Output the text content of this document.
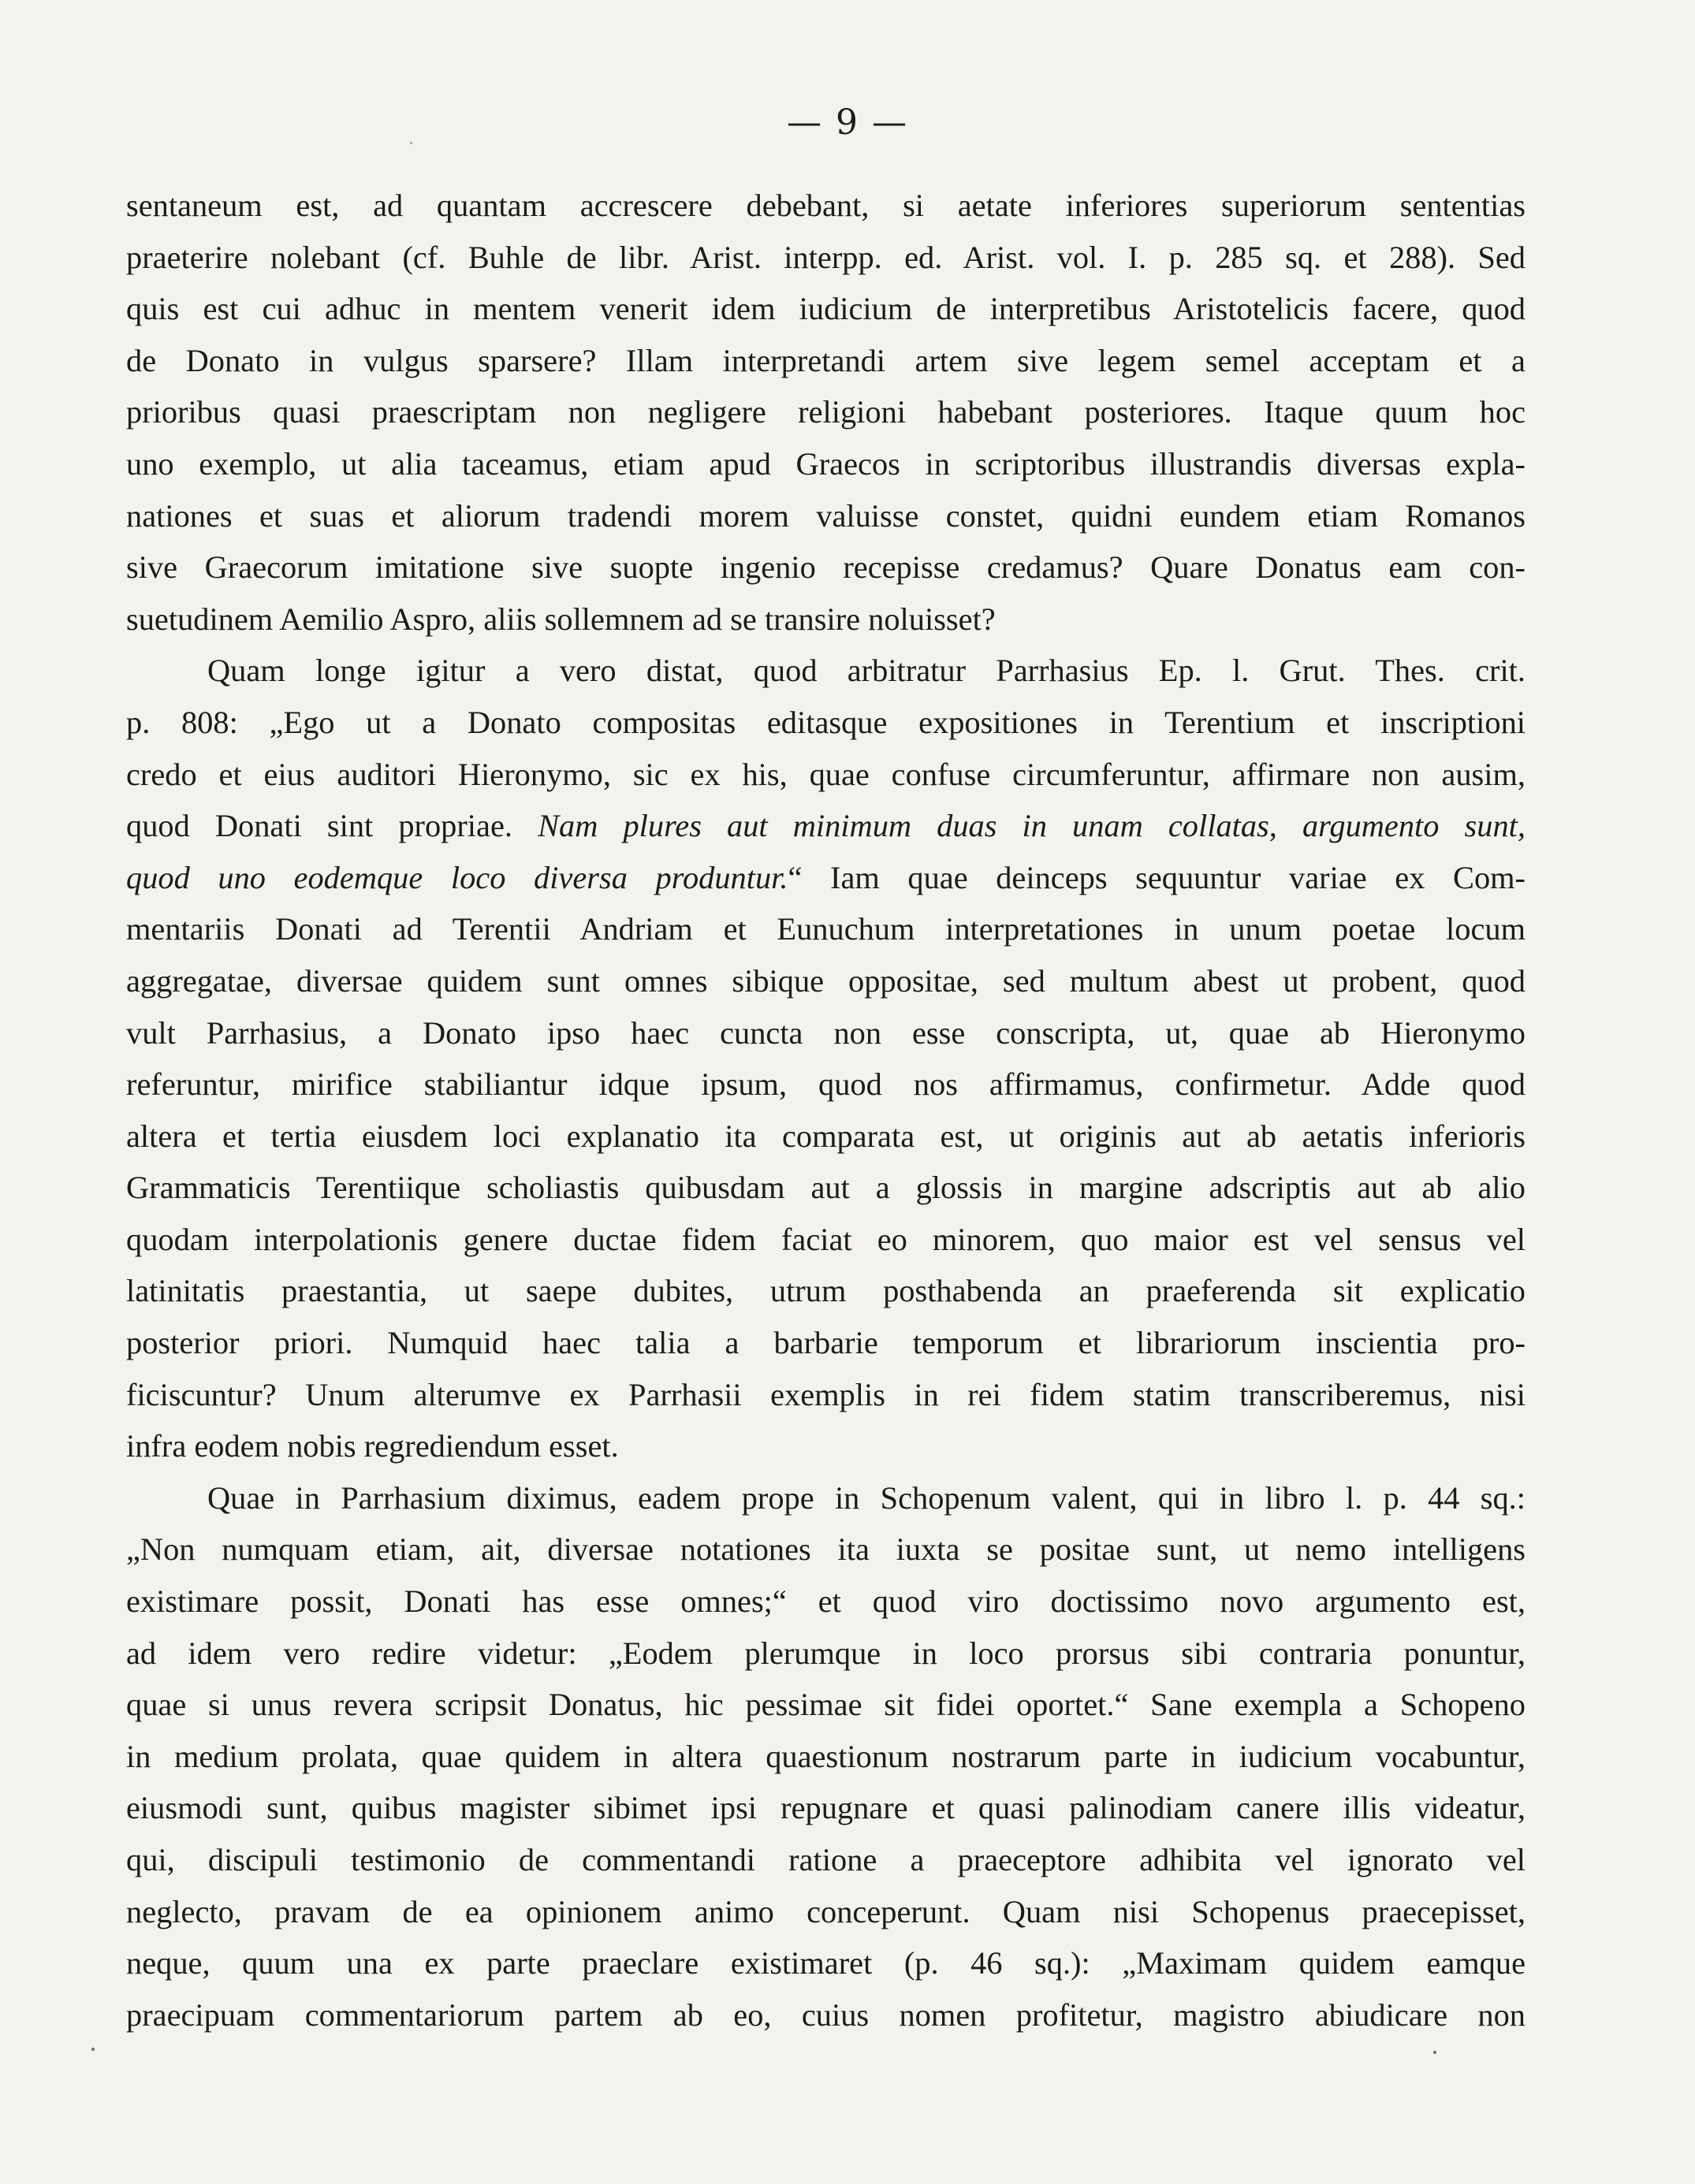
— 9 —

sentaneum est, ad quantam accrescere debebant, si aetate inferiores superiorum sententias
praeterire nolebant (cf. Buhle de libr. Arist. interpp. ed. Arist. vol. I. p. 285 sq. et 288). Sed
quis est cui adhuc in mentem venerit idem iudicium de interpretibus Aristotelicis facere, quod
de Donato in vulgus sparsere? Illam interpretandi artem sive legem semel acceptam et a
prioribus quasi praescriptam non negligere religioni habebant posteriores. Itaque quum hoc
uno exemplo, ut alia taceamus, etiam apud Graecos in scriptoribus illustrandis diversas expla-
nationes et suas et aliorum tradendi morem valuisse constet, quidni eundem etiam Romanos
sive Graecorum imitatione sive suopte ingenio recepisse credamus? Quare Donatus eam con-
suetudinem Aemilio Aspro, aliis sollemnem ad se transire noluisset?

Quam longe igitur a vero distat, quod arbitratur Parrhasius Ep. l. Grut. Thes. crit.
p. 808: „Ego ut a Donato compositas editasque expositiones in Terentium et inscriptioni
credo et eius auditori Hieronymo, sic ex his, quae confuse circumferuntur, affirmare non ausim,
quod Donati sint propriae. Nam plures aut minimum duas in unam collatas, argumento sunt,
quod uno eodemque loco diversa produntur.“ Iam quae deinceps sequuntur variae ex Com-
mentariis Donati ad Terentii Andriam et Eunuchum interpretationes in unum poetae locum
aggregatae, diversae quidem sunt omnes sibique oppositae, sed multum abest ut probent, quod
vult Parrhasius, a Donato ipso haec cuncta non esse conscripta, ut, quae ab Hieronymo
referuntur, mirifice stabiliantur idque ipsum, quod nos affirmamus, confirmetur. Adde quod
altera et tertia eiusdem loci explanatio ita comparata est, ut originis aut ab aetatis inferioris
Grammaticis Terentiique scholiastis quibusdam aut a glossis in margine adscriptis aut ab alio
quodam interpolationis genere ductae fidem faciat eo minorem, quo maior est vel sensus vel
latinitatis praestantia, ut saepe dubites, utrum posthabenda an praeferenda sit explicatio
posterior priori. Numquid haec talia a barbarie temporum et librariorum inscientia pro-
ficiscuntur? Unum alterumve ex Parrhasii exemplis in rei fidem statim transcriberemus, nisi
infra eodem nobis regrediendum esset.

Quae in Parrhasium diximus, eadem prope in Schopenum valent, qui in libro l. p. 44 sq.:
„Non numquam etiam, ait, diversae notationes ita iuxta se positae sunt, ut nemo intelligens
existimare possit, Donati has esse omnes;“ et quod viro doctissimo novo argumento est,
ad idem vero redire videtur: „Eodem plerumque in loco prorsus sibi contraria ponuntur,
quae si unus revera scripsit Donatus, hic pessimae sit fidei oportet.“ Sane exempla a Schopeno
in medium prolata, quae quidem in altera quaestionum nostrarum parte in iudicium vocabuntur,
eiusmodi sunt, quibus magister sibimet ipsi repugnare et quasi palinodiam canere illis videatur,
qui, discipuli testimonio de commentandi ratione a praeceptore adhibita vel ignorato vel
neglecto, pravam de ea opinionem animo conceperunt. Quam nisi Schopenus praecepisset,
neque, quum una ex parte praeclare existimaret (p. 46 sq.): „Maximam quidem eamque
praecipuam commentariorum partem ab eo, cuius nomen profitetur, magistro abiudicare non
